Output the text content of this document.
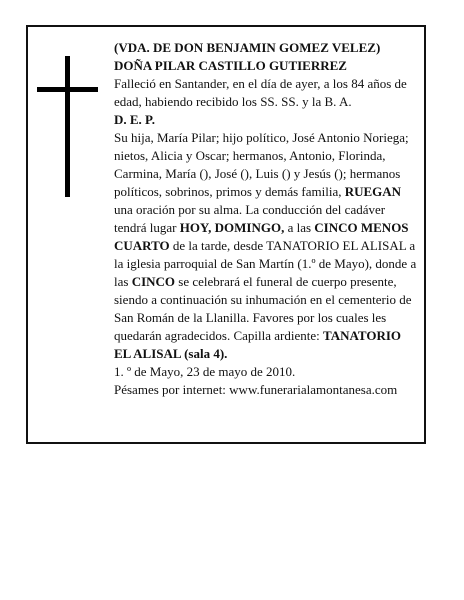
(VDA. DE DON BENJAMIN GOMEZ VELEZ)

DOÑA PILAR CASTILLO GUTIERREZ

Falleció en Santander, en el día de ayer, a los 84 años de edad, habiendo recibido los SS. SS. y la B. A.

D. E. P.

Su hija, María Pilar; hijo político, José Antonio Noriega; nietos, Alicia y Oscar; hermanos, Antonio, Florinda, Carmina, María (), José (), Luis () y Jesús (); hermanos políticos, sobrinos, primos y demás familia, RUEGAN una oración por su alma. La conducción del cadáver tendrá lugar HOY, DOMINGO, a las CINCO MENOS CUARTO de la tarde, desde TANATORIO EL ALISAL a la iglesia parroquial de San Martín (1.º de Mayo), donde a las CINCO se celebrará el funeral de cuerpo presente, siendo a continuación su inhumación en el cementerio de San Román de la Llanilla. Favores por los cuales les quedarán agradecidos. Capilla ardiente: TANATORIO EL ALISAL (sala 4).

1. º de Mayo, 23 de mayo de 2010.

Pésames por internet: www.funerarialamontanesa.com
